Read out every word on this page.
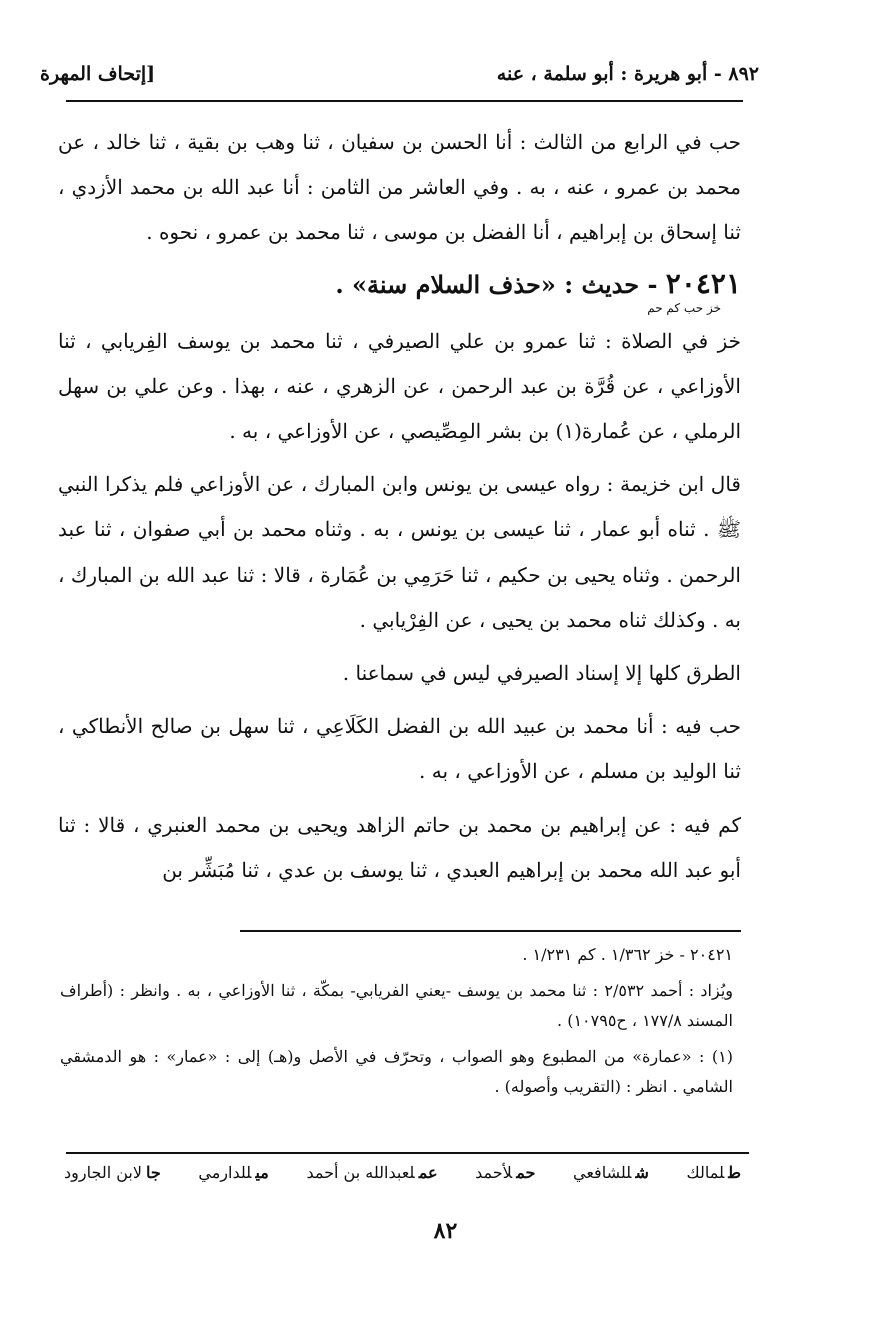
٨٩٢ - أبو هريرة : أبو سلمة ، عنه
[إتحاف المهرة

حب في الرابع من الثالث : أنا الحسن بن سفيان ، ثنا وهب بن بقية ، ثنا خالد ، عن محمد بن عمرو ، عنه ، به . وفي العاشر من الثامن : أنا عبد الله بن محمد الأزدي ، ثنا إسحاق بن إبراهيم ، أنا الفضل بن موسى ، ثنا محمد بن عمرو ، نحوه .

٢٠٤٢١ - حديث : «حذف السلام سنة» .
خز حب كم حم

خز في الصلاة : ثنا عمرو بن علي الصيرفي ، ثنا محمد بن يوسف الفِريابي ، ثنا الأوزاعي ، عن قُرَّة بن عبد الرحمن ، عن الزهري ، عنه ، بهذا . وعن علي بن سهل الرملي ، عن عُمارة(١) بن بشر المِصِّيصي ، عن الأوزاعي ، به .

قال ابن خزيمة : رواه عيسى بن يونس وابن المبارك ، عن الأوزاعي فلم يذكرا النبي ﷺ . ثناه أبو عمار ، ثنا عيسى بن يونس ، به . وثناه محمد بن أبي صفوان ، ثنا عبد الرحمن . وثناه يحيى بن حكيم ، ثنا حَرَمِي بن عُمَارة ، قالا : ثنا عبد الله بن المبارك ، به . وكذلك ثناه محمد بن يحيى ، عن الفِرْيابي .

الطرق كلها إلا إسناد الصيرفي ليس في سماعنا .

حب فيه : أنا محمد بن عبيد الله بن الفضل الكَلَاعِي ، ثنا سهل بن صالح الأنطاكي ، ثنا الوليد بن مسلم ، عن الأوزاعي ، به .

كم فيه : عن إبراهيم بن محمد بن حاتم الزاهد ويحيى بن محمد العنبري ، قالا : ثنا أبو عبد الله محمد بن إبراهيم العبدي ، ثنا يوسف بن عدي ، ثنا مُبَشِّر بن

٢٠٤٢١ - خز ١/٣٦٢ . كم ١/٢٣١ .

ويُزاد : أحمد ٢/٥٣٢ : ثنا محمد بن يوسف -يعني الفريابي- بمكّة ، ثنا الأوزاعي ، به . وانظر : (أطراف المسند ١٧٧/٨ ، ح١٠٧٩٥) .

(١) : «عمارة» من المطبوع وهو الصواب ، وتحرّف في الأصل و(هـ) إلى : «عمار» : هو الدمشقي الشامي . انظر : (التقريب وأصوله) .

طلمالك
شللشافعي
حملأحمد
عملعبدالله بن أحمد
ميللدارمي
جالابن الجارود
٨٢
